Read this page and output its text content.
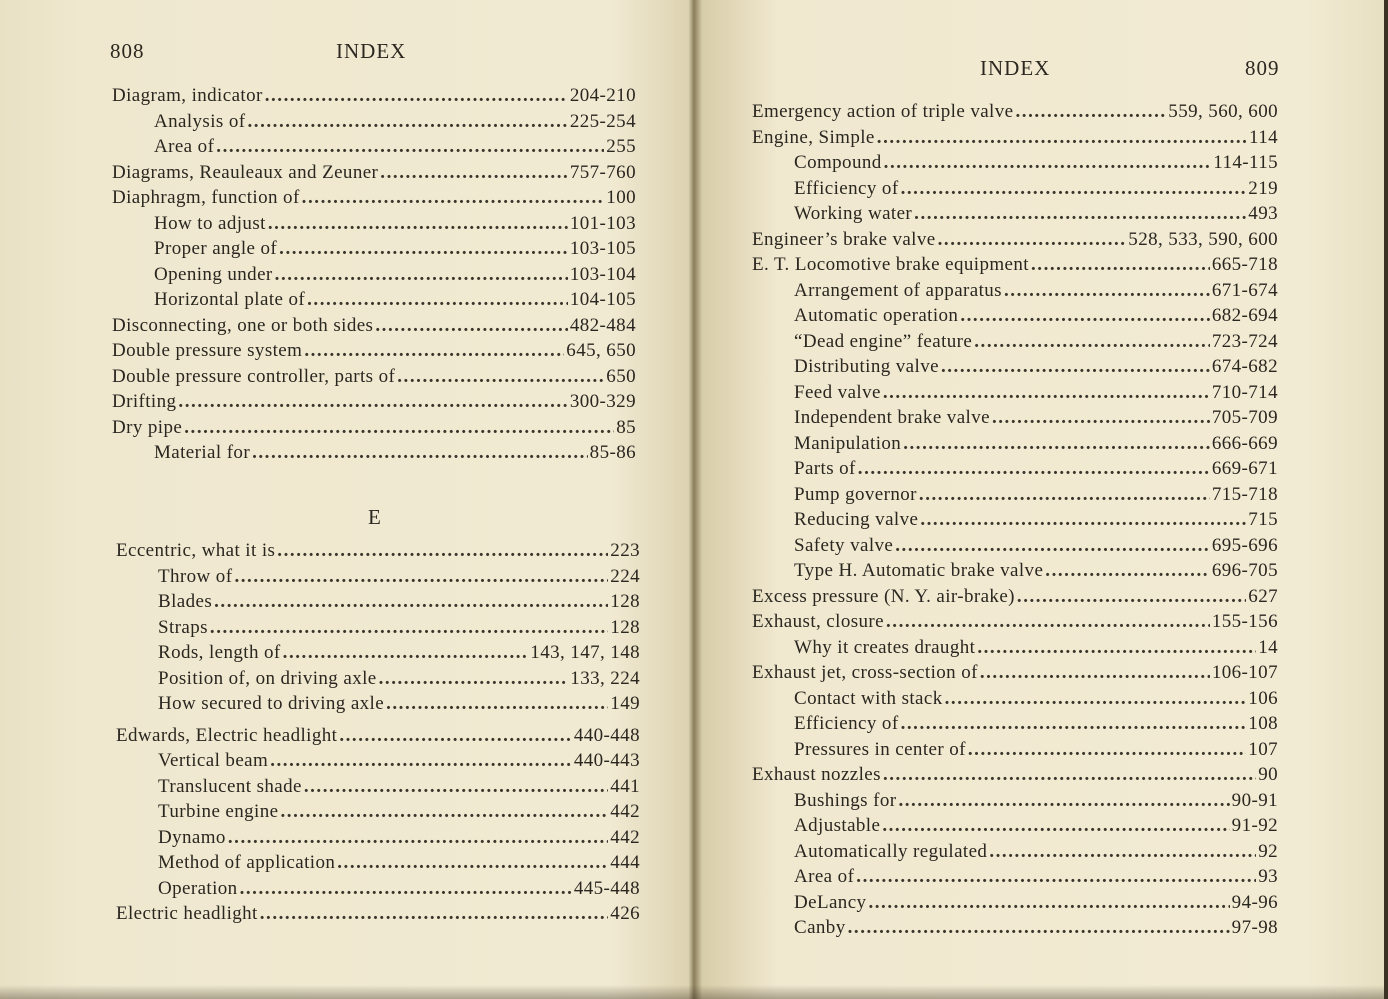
808	INDEX
Diagram, indicator . . .	204-210
Analysis of . . .	225-254
Area of . . .	255
Diagrams, Reauleaux and Zeuner . . .	757-760
Diaphragm, function of . . .	100
How to adjust . . .	101-103
Proper angle of . . .	103-105
Opening under . . .	103-104
Horizontal plate of . . .	104-105
Disconnecting, one or both sides . . .	482-484
Double pressure system . . .	645, 650
Double pressure controller, parts of . . .	650
Drifting . . .	300-329
Dry pipe . . .	85
Material for . . .	85-86
E
Eccentric, what it is . . .	223
Throw of . . .	224
Blades . . .	128
Straps . . .	128
Rods, length of . . .	143, 147, 148
Position of, on driving axle . . .	133, 224
How secured to driving axle . . .	149
Edwards, Electric headlight . . .	440-448
Vertical beam . . .	440-443
Translucent shade . . .	441
Turbine engine . . .	442
Dynamo . . .	442
Method of application . . .	444
Operation . . .	445-448
Electric headlight . . .	426
INDEX	809
Emergency action of triple valve . . .	559, 560, 600
Engine, Simple . . .	114
Compound . . .	114-115
Efficiency of . . .	219
Working water . . .	493
Engineer’s brake valve . . .	528, 533, 590, 600
E. T. Locomotive brake equipment . . .	665-718
Arrangement of apparatus . . .	671-674
Automatic operation . . .	682-694
“Dead engine” feature . . .	723-724
Distributing valve . . .	674-682
Feed valve . . .	710-714
Independent brake valve . . .	705-709
Manipulation . . .	666-669
Parts of . . .	669-671
Pump governor . . .	715-718
Reducing valve . . .	715
Safety valve . . .	695-696
Type H. Automatic brake valve . . .	696-705
Excess pressure (N. Y. air-brake) . . .	627
Exhaust, closure . . .	155-156
Why it creates draught . . .	14
Exhaust jet, cross-section of . . .	106-107
Contact with stack . . .	106
Efficiency of . . .	108
Pressures in center of . . .	107
Exhaust nozzles . . .	90
Bushings for . . .	90-91
Adjustable . . .	91-92
Automatically regulated . . .	92
Area of . . .	93
DeLancy . . .	94-96
Canby . . .	97-98
